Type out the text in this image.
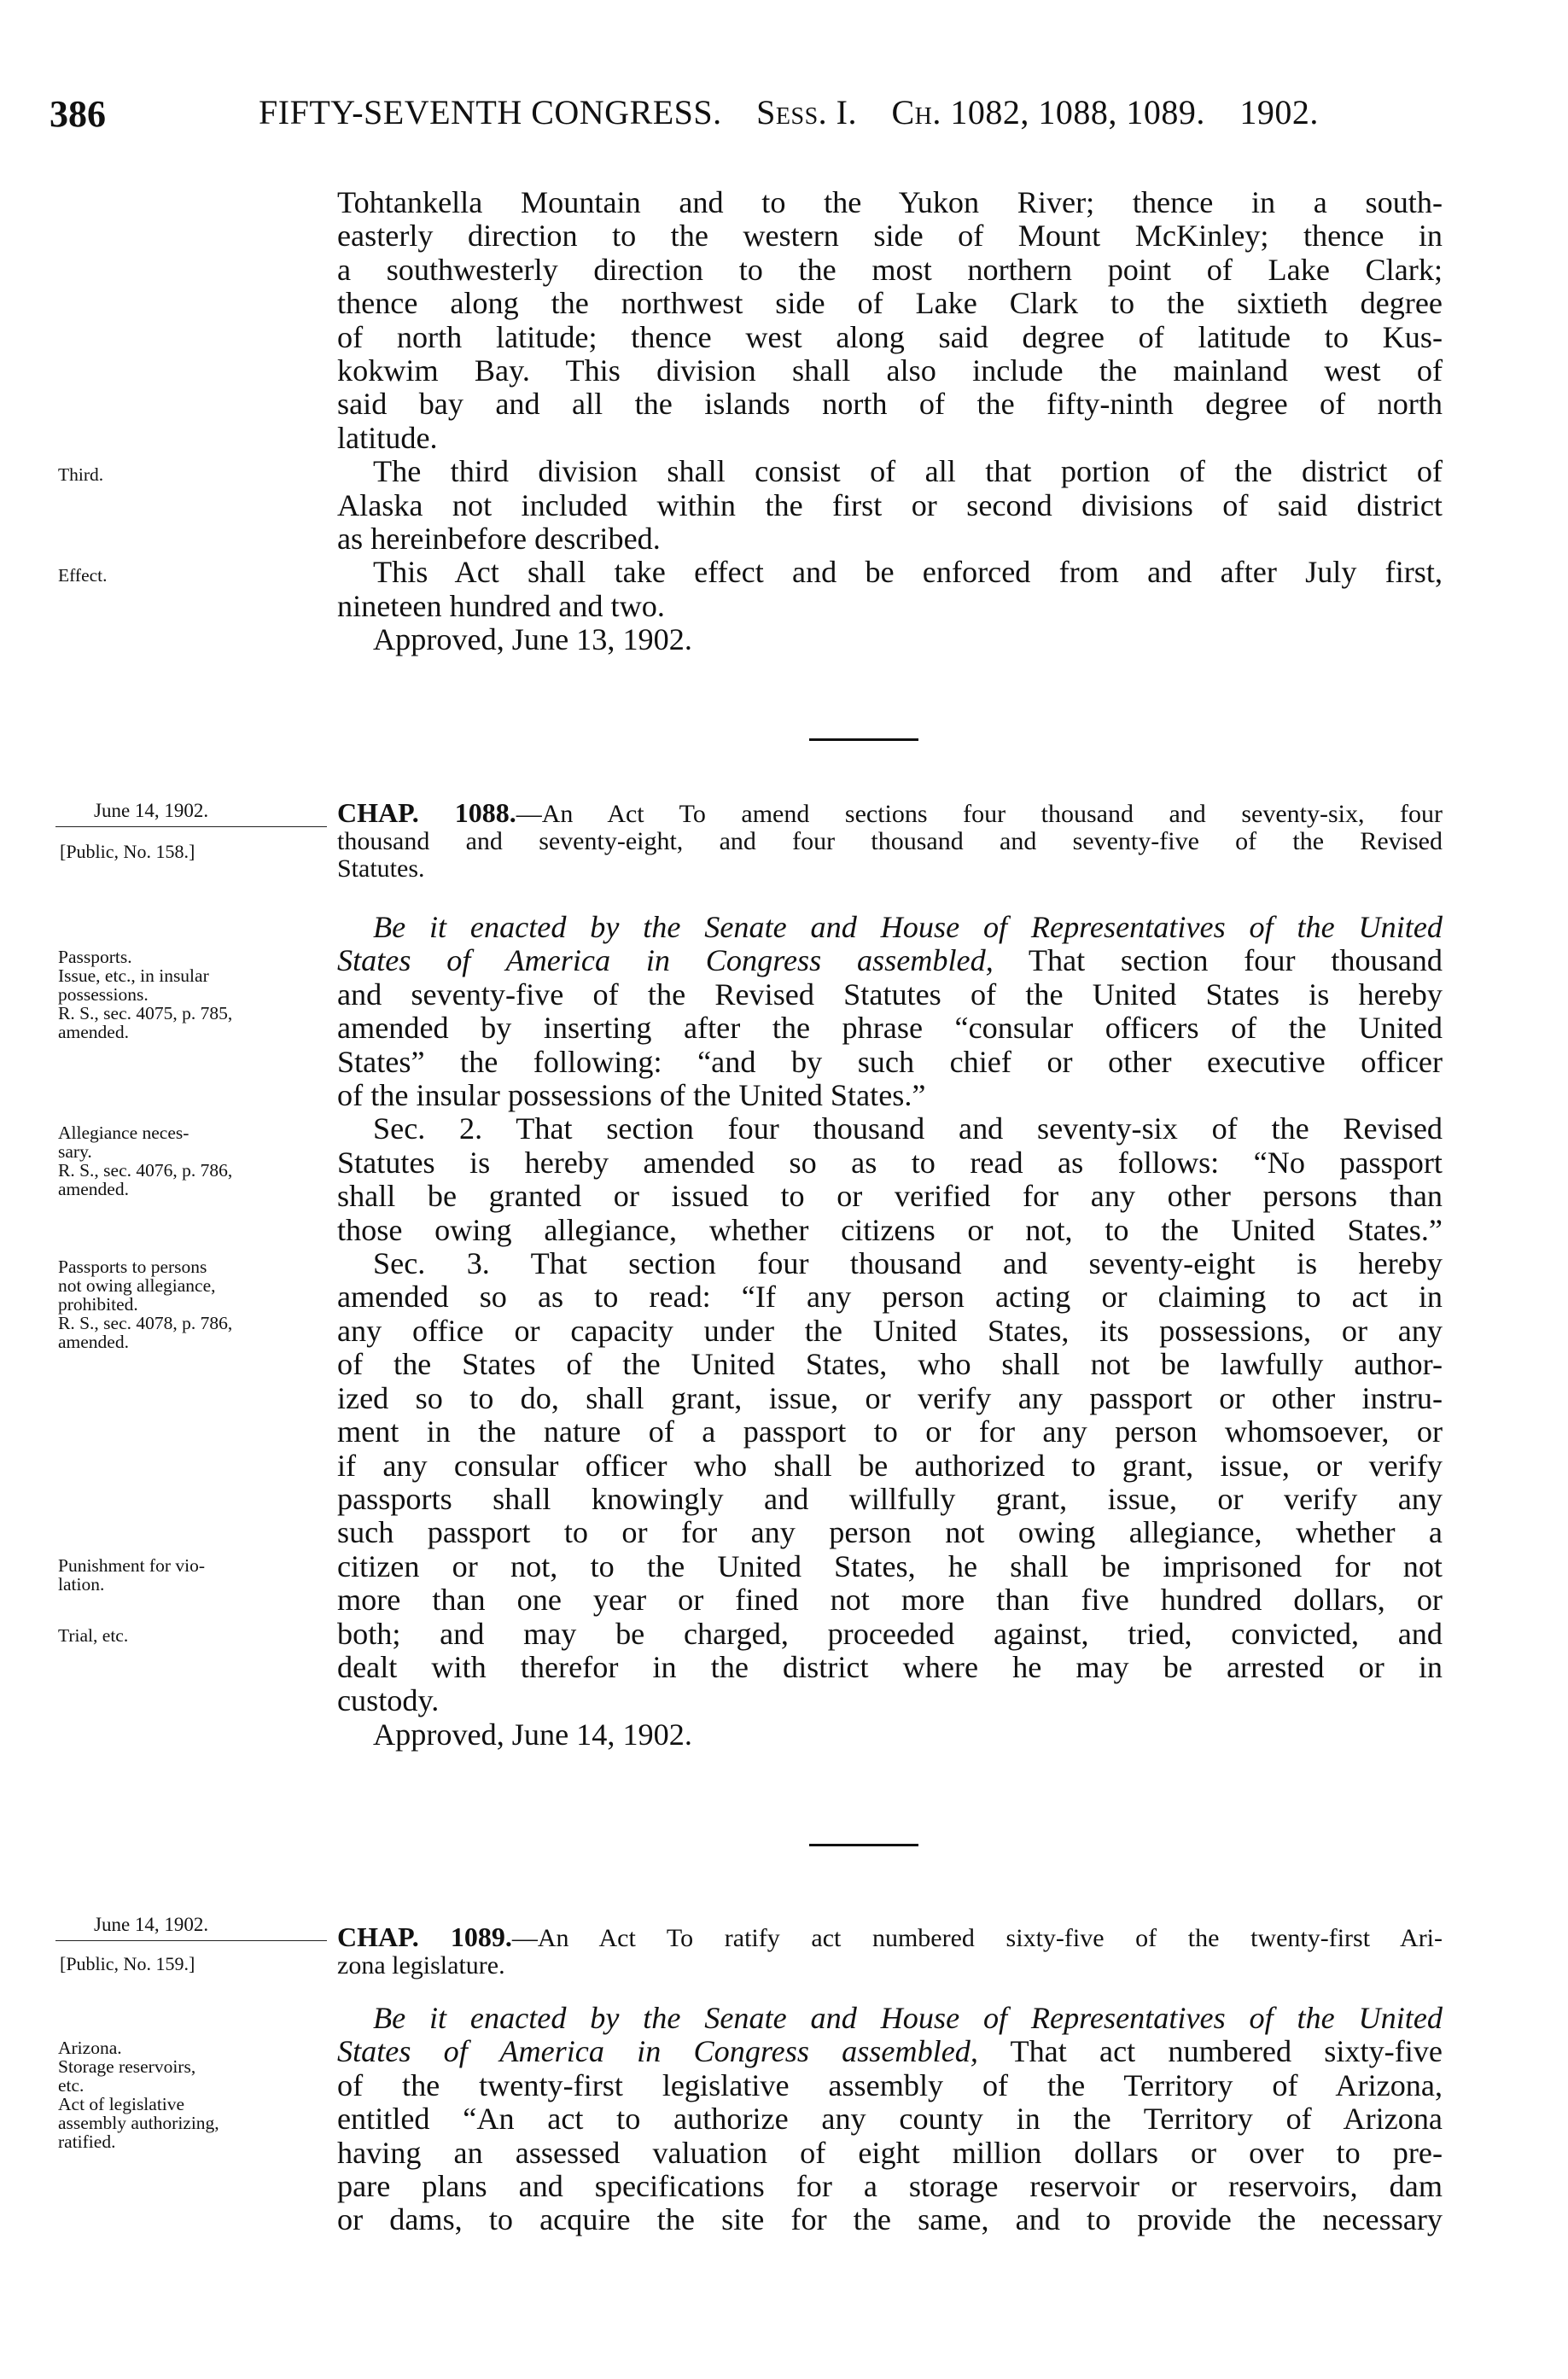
386	FIFTY-SEVENTH CONGRESS. Sess. I. Ch. 1082, 1088, 1089. 1902.
Tohtankella Mountain and to the Yukon River; thence in a south-
easterly direction to the western side of Mount McKinley; thence in
a southwesterly direction to the most northern point of Lake Clark;
thence along the northwest side of Lake Clark to the sixtieth degree
of north latitude; thence west along said degree of latitude to Kus-
kokwim Bay. This division shall also include the mainland west of
said bay and all the islands north of the fifty-ninth degree of north
latitude.
The third division shall consist of all that portion of the district of
Alaska not included within the first or second divisions of said district
as hereinbefore described.
This Act shall take effect and be enforced from and after July first,
nineteen hundred and two.
Approved, June 13, 1902.
Third.
Effect.
June 14, 1902.
[Public, No. 158.]
CHAP. 1088.—An Act To amend sections four thousand and seventy-six, four
thousand and seventy-eight, and four thousand and seventy-five of the Revised
Statutes.
Be it enacted by the Senate and House of Representatives of the United
States of America in Congress assembled, That section four thousand
and seventy-five of the Revised Statutes of the United States is hereby
amended by inserting after the phrase “consular officers of the United
States” the following: “and by such chief or other executive officer
of the insular possessions of the United States.”
Sec. 2. That section four thousand and seventy-six of the Revised
Statutes is hereby amended so as to read as follows: “No passport
shall be granted or issued to or verified for any other persons than
those owing allegiance, whether citizens or not, to the United States.”
Sec. 3. That section four thousand and seventy-eight is hereby
amended so as to read: “If any person acting or claiming to act in
any office or capacity under the United States, its possessions, or any
of the States of the United States, who shall not be lawfully author-
ized so to do, shall grant, issue, or verify any passport or other instru-
ment in the nature of a passport to or for any person whomsoever, or
if any consular officer who shall be authorized to grant, issue, or verify
passports shall knowingly and willfully grant, issue, or verify any
such passport to or for any person not owing allegiance, whether a
citizen or not, to the United States, he shall be imprisoned for not
more than one year or fined not more than five hundred dollars, or
both; and may be charged, proceeded against, tried, convicted, and
dealt with therefor in the district where he may be arrested or in
custody.
Approved, June 14, 1902.
Passports.
Issue, etc., in insular
possessions.
R. S., sec. 4075, p. 785,
amended.
Allegiance neces-
sary.
R. S., sec. 4076, p. 786,
amended.
Passports to persons
not owing allegiance,
prohibited.
R. S., sec. 4078, p. 786,
amended.
Punishment for vio-
lation.
Trial, etc.
June 14, 1902.
[Public, No. 159.]
CHAP. 1089.—An Act To ratify act numbered sixty-five of the twenty-first Ari-
zona legislature.
Be it enacted by the Senate and House of Representatives of the United
States of America in Congress assembled, That act numbered sixty-five
of the twenty-first legislative assembly of the Territory of Arizona,
entitled “An act to authorize any county in the Territory of Arizona
having an assessed valuation of eight million dollars or over to pre-
pare plans and specifications for a storage reservoir or reservoirs, dam
or dams, to acquire the site for the same, and to provide the necessary
Arizona.
Storage reservoirs,
etc.
Act of legislative
assembly authorizing,
ratified.
